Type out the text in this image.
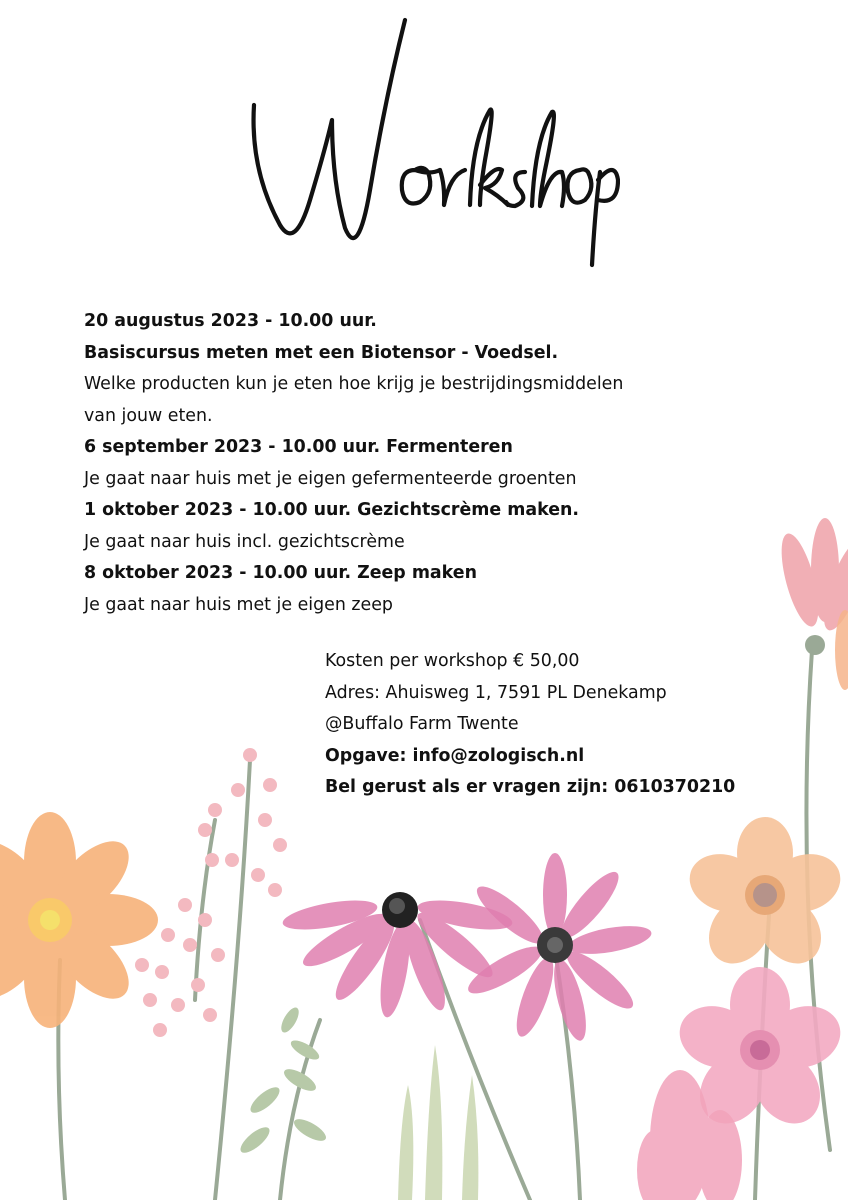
20 augustus 2023 - 10.00 uur.
Basiscursus meten met een Biotensor - Voedsel.
Welke producten kun je eten hoe krijg je bestrijdingsmiddelen
van jouw eten.
6 september 2023 - 10.00 uur. Fermenteren
Je gaat naar huis met je eigen gefermenteerde groenten
1 oktober 2023 - 10.00 uur. Gezichtscrème maken.
Je gaat naar huis incl. gezichtscrème
8 oktober 2023 - 10.00 uur. Zeep maken
Je gaat naar huis met je eigen zeep
Kosten per workshop € 50,00
Adres: Ahuisweg 1, 7591 PL Denekamp
@Buffalo Farm Twente
Opgave: info@zologisch.nl
Bel gerust als er vragen zijn: 0610370210
